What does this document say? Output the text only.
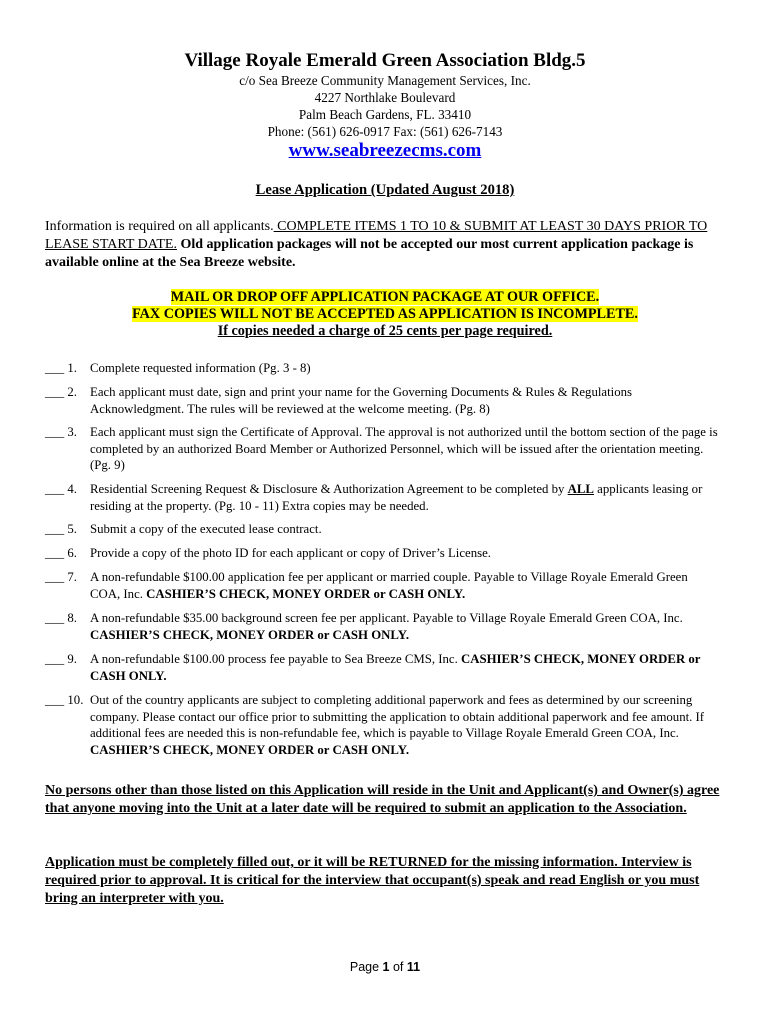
Village Royale Emerald Green Association Bldg.5
c/o Sea Breeze Community Management Services, Inc.
4227 Northlake Boulevard
Palm Beach Gardens, FL. 33410
Phone: (561) 626-0917 Fax: (561) 626-7143
www.seabreezecms.com
Lease Application (Updated August 2018)
Information is required on all applicants. COMPLETE ITEMS 1 TO 10 & SUBMIT AT LEAST 30 DAYS PRIOR TO LEASE START DATE. Old application packages will not be accepted our most current application package is available online at the Sea Breeze website.
MAIL OR DROP OFF APPLICATION PACKAGE AT OUR OFFICE.
FAX COPIES WILL NOT BE ACCEPTED AS APPLICATION IS INCOMPLETE.
If copies needed a charge of 25 cents per page required.
___ 1. Complete requested information (Pg. 3 - 8)
___ 2. Each applicant must date, sign and print your name for the Governing Documents & Rules & Regulations Acknowledgment. The rules will be reviewed at the welcome meeting. (Pg. 8)
___ 3. Each applicant must sign the Certificate of Approval. The approval is not authorized until the bottom section of the page is completed by an authorized Board Member or Authorized Personnel, which will be issued after the orientation meeting. (Pg. 9)
___ 4. Residential Screening Request & Disclosure & Authorization Agreement to be completed by ALL applicants leasing or residing at the property. (Pg. 10 - 11) Extra copies may be needed.
___ 5. Submit a copy of the executed lease contract.
___ 6. Provide a copy of the photo ID for each applicant or copy of Driver’s License.
___ 7. A non-refundable $100.00 application fee per applicant or married couple. Payable to Village Royale Emerald Green COA, Inc. CASHIER’S CHECK, MONEY ORDER or CASH ONLY.
___ 8. A non-refundable $35.00 background screen fee per applicant. Payable to Village Royale Emerald Green COA, Inc. CASHIER’S CHECK, MONEY ORDER or CASH ONLY.
___ 9. A non-refundable $100.00 process fee payable to Sea Breeze CMS, Inc. CASHIER’S CHECK, MONEY ORDER or CASH ONLY.
___ 10. Out of the country applicants are subject to completing additional paperwork and fees as determined by our screening company. Please contact our office prior to submitting the application to obtain additional paperwork and fee amount. If additional fees are needed this is non-refundable fee, which is payable to Village Royale Emerald Green COA, Inc. CASHIER’S CHECK, MONEY ORDER or CASH ONLY.
No persons other than those listed on this Application will reside in the Unit and Applicant(s) and Owner(s) agree that anyone moving into the Unit at a later date will be required to submit an application to the Association.
Application must be completely filled out, or it will be RETURNED for the missing information. Interview is required prior to approval. It is critical for the interview that occupant(s) speak and read English or you must bring an interpreter with you.
Page 1 of 11
